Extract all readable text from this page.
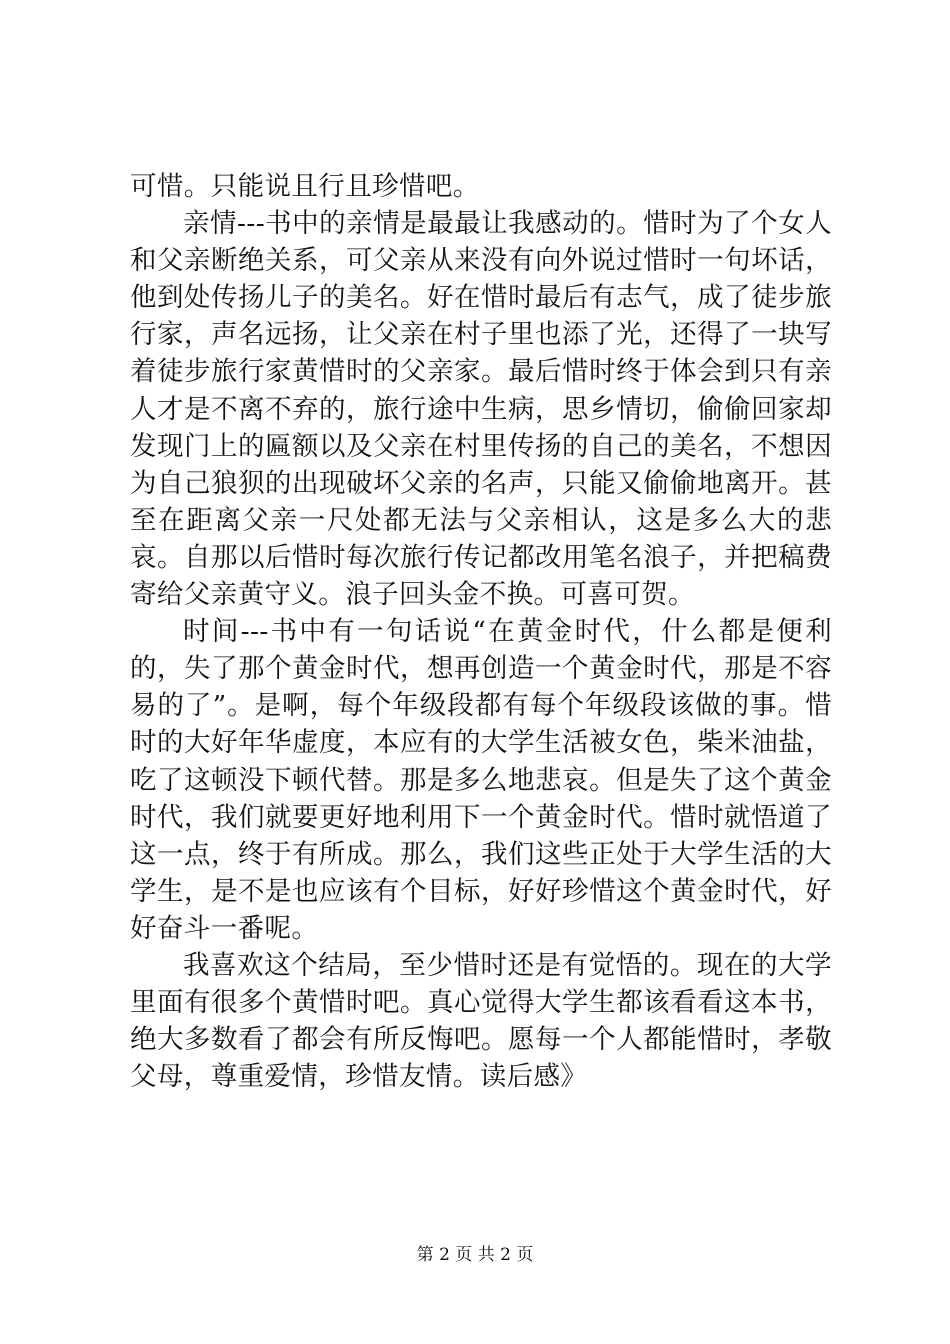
可惜。只能说且行且珍惜吧。

亲情---书中的亲情是最最让我感动的。惜时为了个女人和父亲断绝关系，可父亲从来没有向外说过惜时一句坏话，他到处传扬儿子的美名。好在惜时最后有志气，成了徒步旅行家，声名远扬，让父亲在村子里也添了光，还得了一块写着徒步旅行家黄惜时的父亲家。最后惜时终于体会到只有亲人才是不离不弃的，旅行途中生病，思乡情切，偷偷回家却发现门上的匾额以及父亲在村里传扬的自己的美名，不想因为自己狼狈的出现破坏父亲的名声，只能又偷偷地离开。甚至在距离父亲一尺处都无法与父亲相认，这是多么大的悲哀。自那以后惜时每次旅行传记都改用笔名浪子，并把稿费寄给父亲黄守义。浪子回头金不换。可喜可贺。

时间---书中有一句话说“在黄金时代，什么都是便利的，失了那个黄金时代，想再创造一个黄金时代，那是不容易的了”。是啊，每个年级段都有每个年级段该做的事。惜时的大好年华虚度，本应有的大学生活被女色，柴米油盐，吃了这顿没下顿代替。那是多么地悲哀。但是失了这个黄金时代，我们就要更好地利用下一个黄金时代。惜时就悟道了这一点，终于有所成。那么，我们这些正处于大学生活的大学生，是不是也应该有个目标，好好珍惜这个黄金时代，好好奋斗一番呢。

我喜欢这个结局，至少惜时还是有觉悟的。现在的大学里面有很多个黄惜时吧。真心觉得大学生都该看看这本书，绝大多数看了都会有所反悔吧。愿每一个人都能惜时，孝敬父母，尊重爱情，珍惜友情。读后感》

第 2 页 共 2 页
